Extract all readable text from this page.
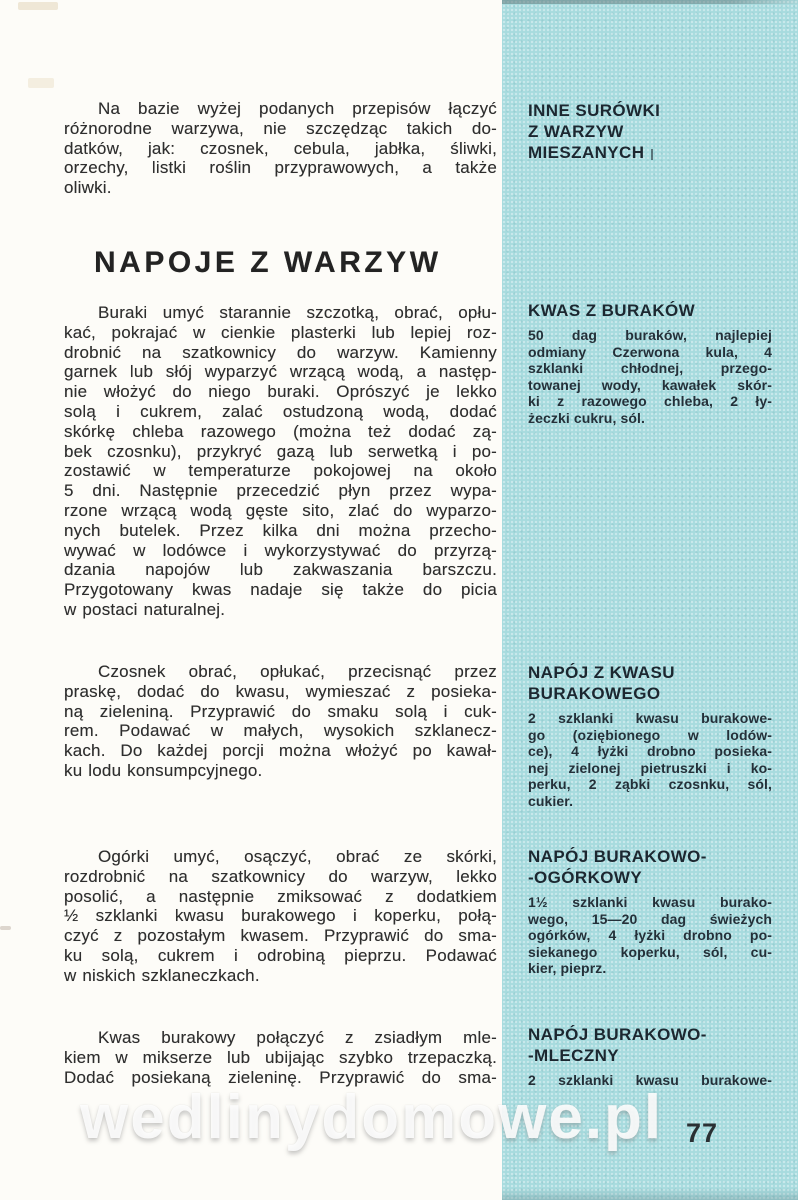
Na bazie wyżej podanych przepisów łączyć
różnorodne warzywa, nie szczędząc takich do-
datków, jak: czosnek, cebula, jabłka, śliwki,
orzechy, listki roślin przyprawowych, a także
oliwki.
NAPOJE Z WARZYW
Buraki umyć starannie szczotką, obrać, opłu-
kać, pokrajać w cienkie plasterki lub lepiej roz-
drobnić na szatkownicy do warzyw. Kamienny
garnek lub słój wyparzyć wrzącą wodą, a następ-
nie włożyć do niego buraki. Oprószyć je lekko
solą i cukrem, zalać ostudzoną wodą, dodać
skórkę chleba razowego (można też dodać zą-
bek czosnku), przykryć gazą lub serwetką i po-
zostawić w temperaturze pokojowej na około
5 dni. Następnie przecedzić płyn przez wypa-
rzone wrzącą wodą gęste sito, zlać do wyparzo-
nych butelek. Przez kilka dni można przecho-
wywać w lodówce i wykorzystywać do przyrzą-
dzania napojów lub zakwaszania barszczu.
Przygotowany kwas nadaje się także do picia
w postaci naturalnej.
Czosnek obrać, opłukać, przecisnąć przez
praskę, dodać do kwasu, wymieszać z posieka-
ną zieleniną. Przyprawić do smaku solą i cuk-
rem. Podawać w małych, wysokich szklanecz-
kach. Do każdej porcji można włożyć po kawał-
ku lodu konsumpcyjnego.
Ogórki umyć, osączyć, obrać ze skórki,
rozdrobnić na szatkownicy do warzyw, lekko
posolić, a następnie zmiksować z dodatkiem
½ szklanki kwasu burakowego i koperku, połą-
czyć z pozostałym kwasem. Przyprawić do sma-
ku solą, cukrem i odrobiną pieprzu. Podawać
w niskich szklaneczkach.
Kwas burakowy połączyć z zsiadłym mle-
kiem w mikserze lub ubijając szybko trzepaczką.
Dodać posiekaną zieleninę. Przyprawić do sma-
INNE SURÓWKI
Z WARZYW
MIESZANYCH
KWAS Z BURAKÓW
50 dag buraków, najlepiej
odmiany Czerwona kula, 4
szklanki chłodnej, przego-
towanej wody, kawałek skór-
ki z razowego chleba, 2 ły-
żeczki cukru, sól.
NAPÓJ Z KWASU
BURAKOWEGO
2 szklanki kwasu burakowe-
go (oziębionego w lodów-
ce), 4 łyżki drobno posieka-
nej zielonej pietruszki i ko-
perku, 2 ząbki czosnku, sól,
cukier.
NAPÓJ BURAKOWO-
-OGÓRKOWY
1½ szklanki kwasu burako-
wego, 15—20 dag świeżych
ogórków, 4 łyżki drobno po-
siekanego koperku, sól, cu-
kier, pieprz.
NAPÓJ BURAKOWO-
-MLECZNY
2 szklanki kwasu burakowe-
wedlinydomowe.pl 77
